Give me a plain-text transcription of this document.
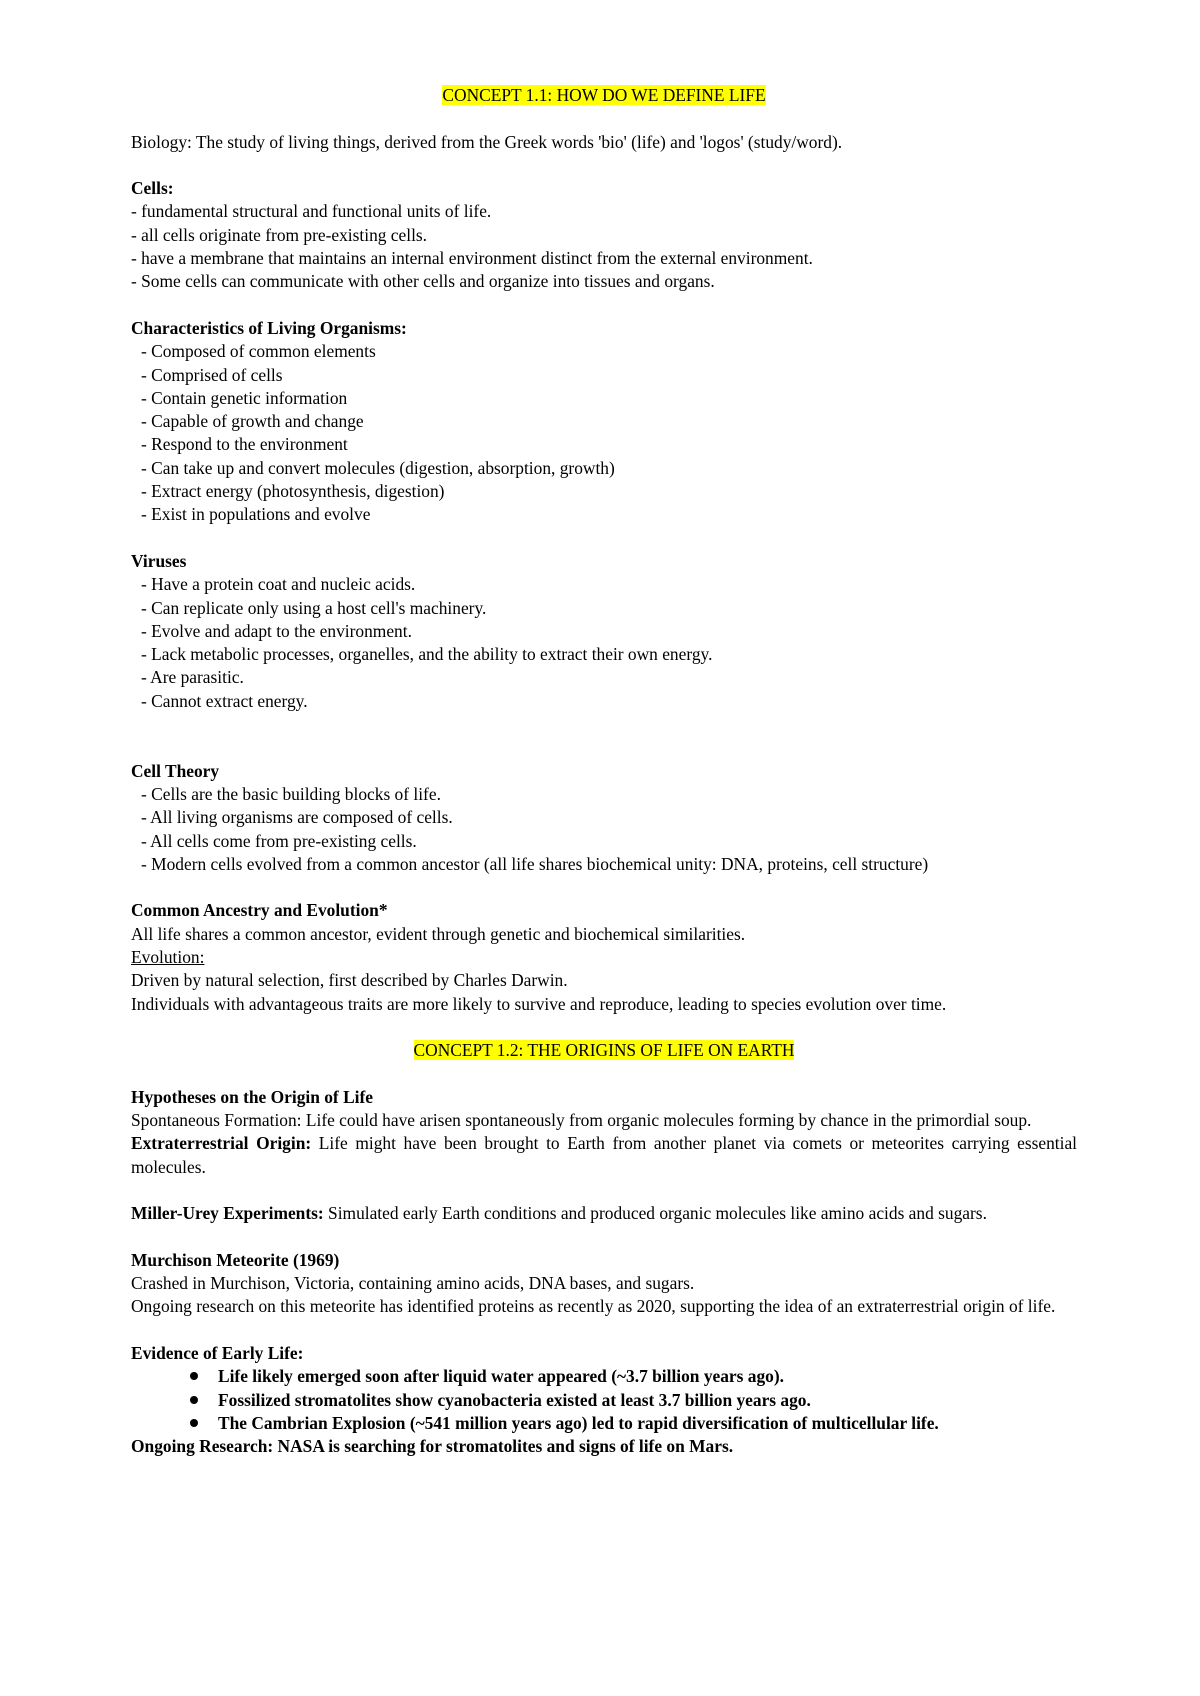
CONCEPT 1.1: HOW DO WE DEFINE LIFE
Biology: The study of living things, derived from the Greek words 'bio' (life) and 'logos' (study/word).
Cells:
- fundamental structural and functional units of life.
- all cells originate from pre-existing cells.
- have a membrane that maintains an internal environment distinct from the external environment.
- Some cells can communicate with other cells and organize into tissues and organs.
Characteristics of Living Organisms:
- Composed of common elements
- Comprised of cells
- Contain genetic information
- Capable of growth and change
- Respond to the environment
- Can take up and convert molecules (digestion, absorption, growth)
- Extract energy (photosynthesis, digestion)
- Exist in populations and evolve
Viruses
- Have a protein coat and nucleic acids.
- Can replicate only using a host cell's machinery.
- Evolve and adapt to the environment.
- Lack metabolic processes, organelles, and the ability to extract their own energy.
- Are parasitic.
- Cannot extract energy.
Cell Theory
- Cells are the basic building blocks of life.
- All living organisms are composed of cells.
- All cells come from pre-existing cells.
- Modern cells evolved from a common ancestor (all life shares biochemical unity: DNA, proteins, cell structure)
Common Ancestry and Evolution*
All life shares a common ancestor, evident through genetic and biochemical similarities.
Evolution:
Driven by natural selection, first described by Charles Darwin.
Individuals with advantageous traits are more likely to survive and reproduce, leading to species evolution over time.
CONCEPT 1.2: THE ORIGINS OF LIFE ON EARTH
Hypotheses on the Origin of Life
Spontaneous Formation: Life could have arisen spontaneously from organic molecules forming by chance in the primordial soup.
Extraterrestrial Origin: Life might have been brought to Earth from another planet via comets or meteorites carrying essential molecules.
Miller-Urey Experiments: Simulated early Earth conditions and produced organic molecules like amino acids and sugars.
Murchison Meteorite (1969)
Crashed in Murchison, Victoria, containing amino acids, DNA bases, and sugars.
Ongoing research on this meteorite has identified proteins as recently as 2020, supporting the idea of an extraterrestrial origin of life.
Evidence of Early Life:
Life likely emerged soon after liquid water appeared (~3.7 billion years ago).
Fossilized stromatolites show cyanobacteria existed at least 3.7 billion years ago.
The Cambrian Explosion (~541 million years ago) led to rapid diversification of multicellular life.
Ongoing Research: NASA is searching for stromatolites and signs of life on Mars.
